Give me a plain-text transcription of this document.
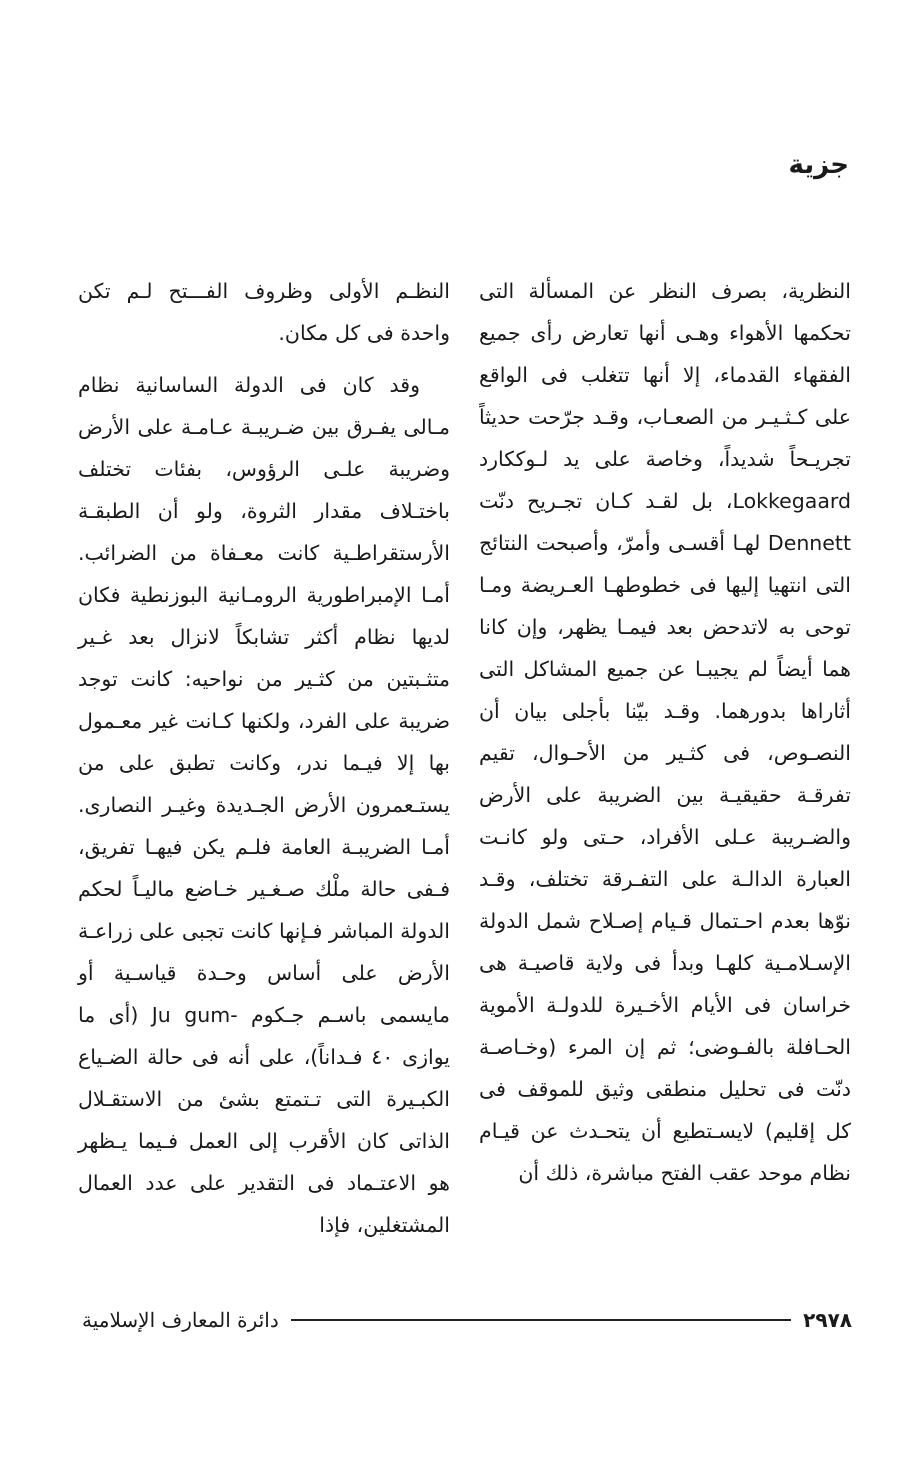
جزية

النظرية، بصرف النظر عن المسألة التى تحكمها الأهواء وهـى أنها تعارض رأى جميع الفقهاء القدماء، إلا أنها تتغلب فى الواقع على كـثـيـر من الصعـاب، وقـد جرّحت حديثاً تجريـحاً شديداً، وخاصة على يد لـوككارد Lokkegaard، بل لقـد كـان تجـريح دنّت Dennett لهـا أقسـى وأمرّ، وأصبحت النتائج التى انتهيا إليها فى خطوطهـا العـريضة ومـا توحى به لاتدحض بعد فيمـا يظهر، وإن كانا هما أيضاً لم يجيبـا عن جميع المشاكل التى أثاراها بدورهما. وقـد بيّنا بأجلى بيان أن النصـوص، فى كثـير من الأحـوال، تقيم تفرقـة حقيقيـة بين الضريبة على الأرض والضـريبة عـلى الأفراد، حـتى ولو كانـت العبارة الدالـة على التفـرقة تختلف، وقـد نوّها بعدم احـتمال قـيام إصـلاح شمل الدولة الإسـلامـية كلهـا وبدأ فى ولاية قاصيـة هى خراسان فى الأيام الأخـيرة للدولـة الأموية الحـافلة بالفـوضى؛ ثم إن المرء (وخـاصـة دنّت فى تحليل منطقى وثيق للموقف فى كل إقليم) لايسـتطيع أن يتحـدث عن قيـام نظام موحد عقب الفتح مباشرة، ذلك أن

النظـم الأولى وظروف الفـــتح لـم تكن واحدة فى كل مكان.

وقد كان فى الدولة الساسانية نظام مـالى يفـرق بين ضـريبـة عـامـة على الأرض وضريبة علـى الرؤوس، بفئات تختلف باختـلاف مقدار الثروة، ولو أن الطبقـة الأرستقراطـية كانت معـفاة من الضرائب. أمـا الإمبراطورية الرومـانية البوزنطية فكان لديها نظام أكثر تشابكاً لانزال بعد غـير متثـبتين من كثـير من نواحيه: كانت توجد ضريبة على الفرد، ولكنها كـانت غير معـمول بها إلا فيـما ندر، وكانت تطبق على من يستـعمرون الأرض الجـديدة وغيـر النصارى. أمـا الضريبـة العامة فلـم يكن فيهـا تفريق، فـفى حالة ملْك صـغـير خـاضع ماليـاً لحكم الدولة المباشر فـإنها كانت تجبى على زراعـة الأرض على أساس وحـدة قياسـية أو مايسمى باسـم جـكوم -Ju gum (أى ما يوازى ٤٠ فـداناً)، على أنه فى حالة الضـياع الكبـيرة التى تـتمتع بشئ من الاستقـلال الذاتى كان الأقرب إلى العمل فـيما يـظهر هو الاعتـماد فى التقدير على عدد العمال المشتغلين، فإذا

٢٩٧٨
دائرة المعارف الإسلامية
